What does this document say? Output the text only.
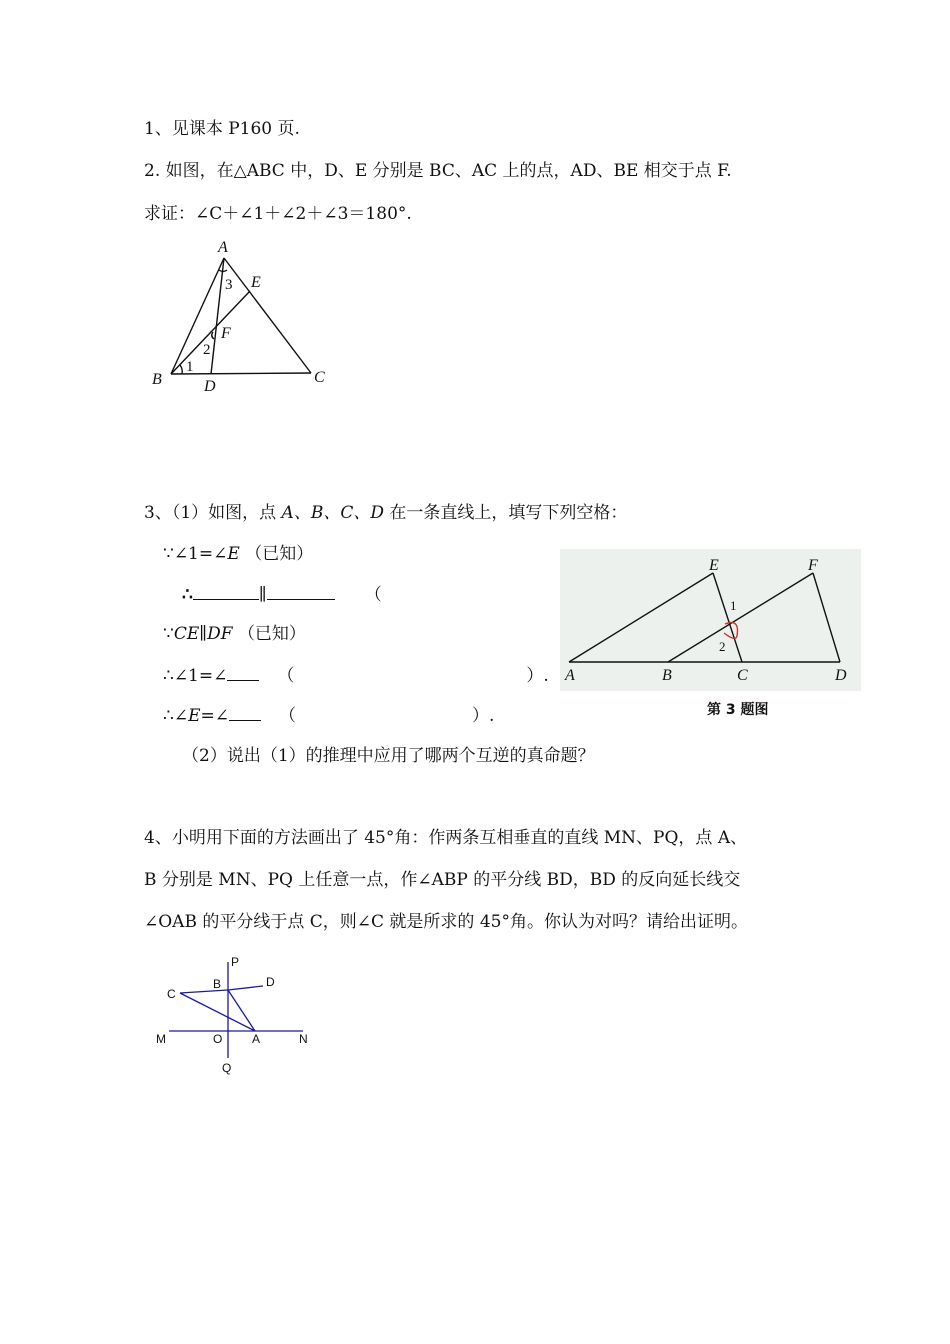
1、见课本 P160 页.
2. 如图，在△ABC 中，D、E 分别是 BC、AC 上的点，AD、BE 相交于点 F.
求证：∠C＋∠1＋∠2＋∠3＝180°.
A
E
F
B	D
C
3
2
1
3、（1）如图，点 A、B、C、D 在一条直线上，填写下列空格：
∵∠1=∠E （已知）
∴	∥	（
∵CE∥DF （已知）
∴∠1=∠	（	）.
∴∠E=∠	（	）.
（2）说出（1）的推理中应用了哪两个互逆的真命题？
E	F
A	B	C	D
1
2
第 3 题图
4、小明用下面的方法画出了 45°角：作两条互相垂直的直线 MN、PQ，点 A、
B 分别是 MN、PQ 上任意一点，作∠ABP 的平分线 BD，BD 的反向延长线交
∠OAB 的平分线于点 C，则∠C 就是所求的 45°角。你认为对吗？请给出证明。
P
B	D
C
M	O A	N
Q
